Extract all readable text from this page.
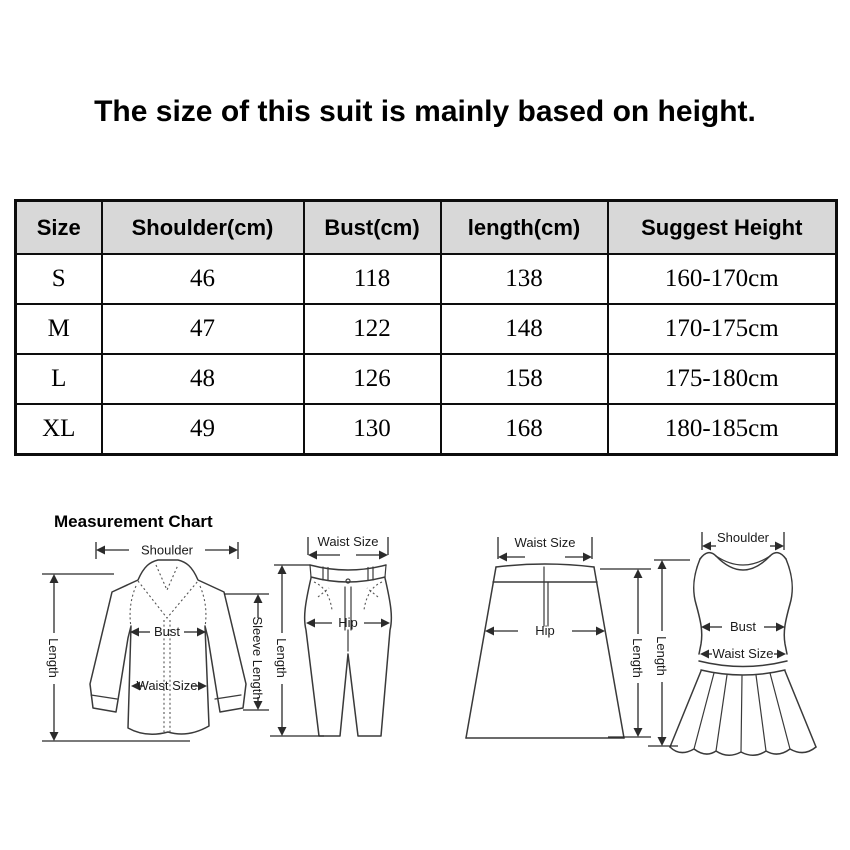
The size of this suit is mainly based on height.
Size	Shoulder(cm)	Bust(cm)	length(cm)	Suggest Height
S	46	118	138	160-170cm
M	47	122	148	170-175cm
L	48	126	158	175-180cm
XL	49	130	168	180-185cm
Measurement Chart
Shoulder
Length
Bust
Waist Size	Sleeve Length
Waist Size
Hip
Length
Waist Size
Hip
Length
Shoulder
Bust
Waist Size
Length
